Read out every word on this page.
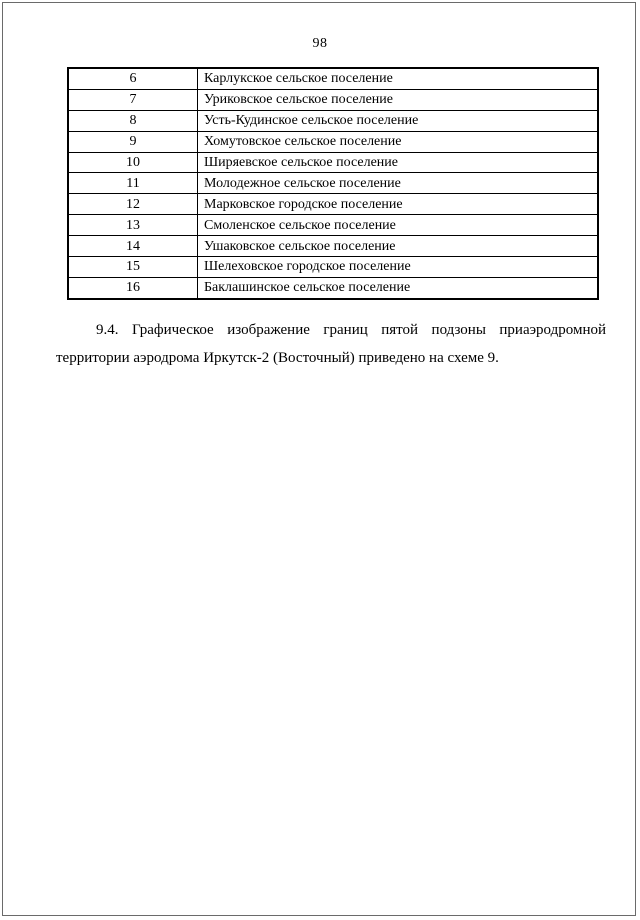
98
6	Карлукское сельское поселение
7	Уриковское сельское поселение
8	Усть-Кудинское сельское поселение
9	Хомутовское сельское поселение
10	Ширяевское сельское поселение
11	Молодежное сельское поселение
12	Марковское городское поселение
13	Смоленское сельское поселение
14	Ушаковское сельское поселение
15	Шелеховское городское поселение
16	Баклашинское сельское поселение
9.4. Графическое изображение границ пятой подзоны приаэродромной
территории аэродрома Иркутск-2 (Восточный) приведено на схеме 9.
